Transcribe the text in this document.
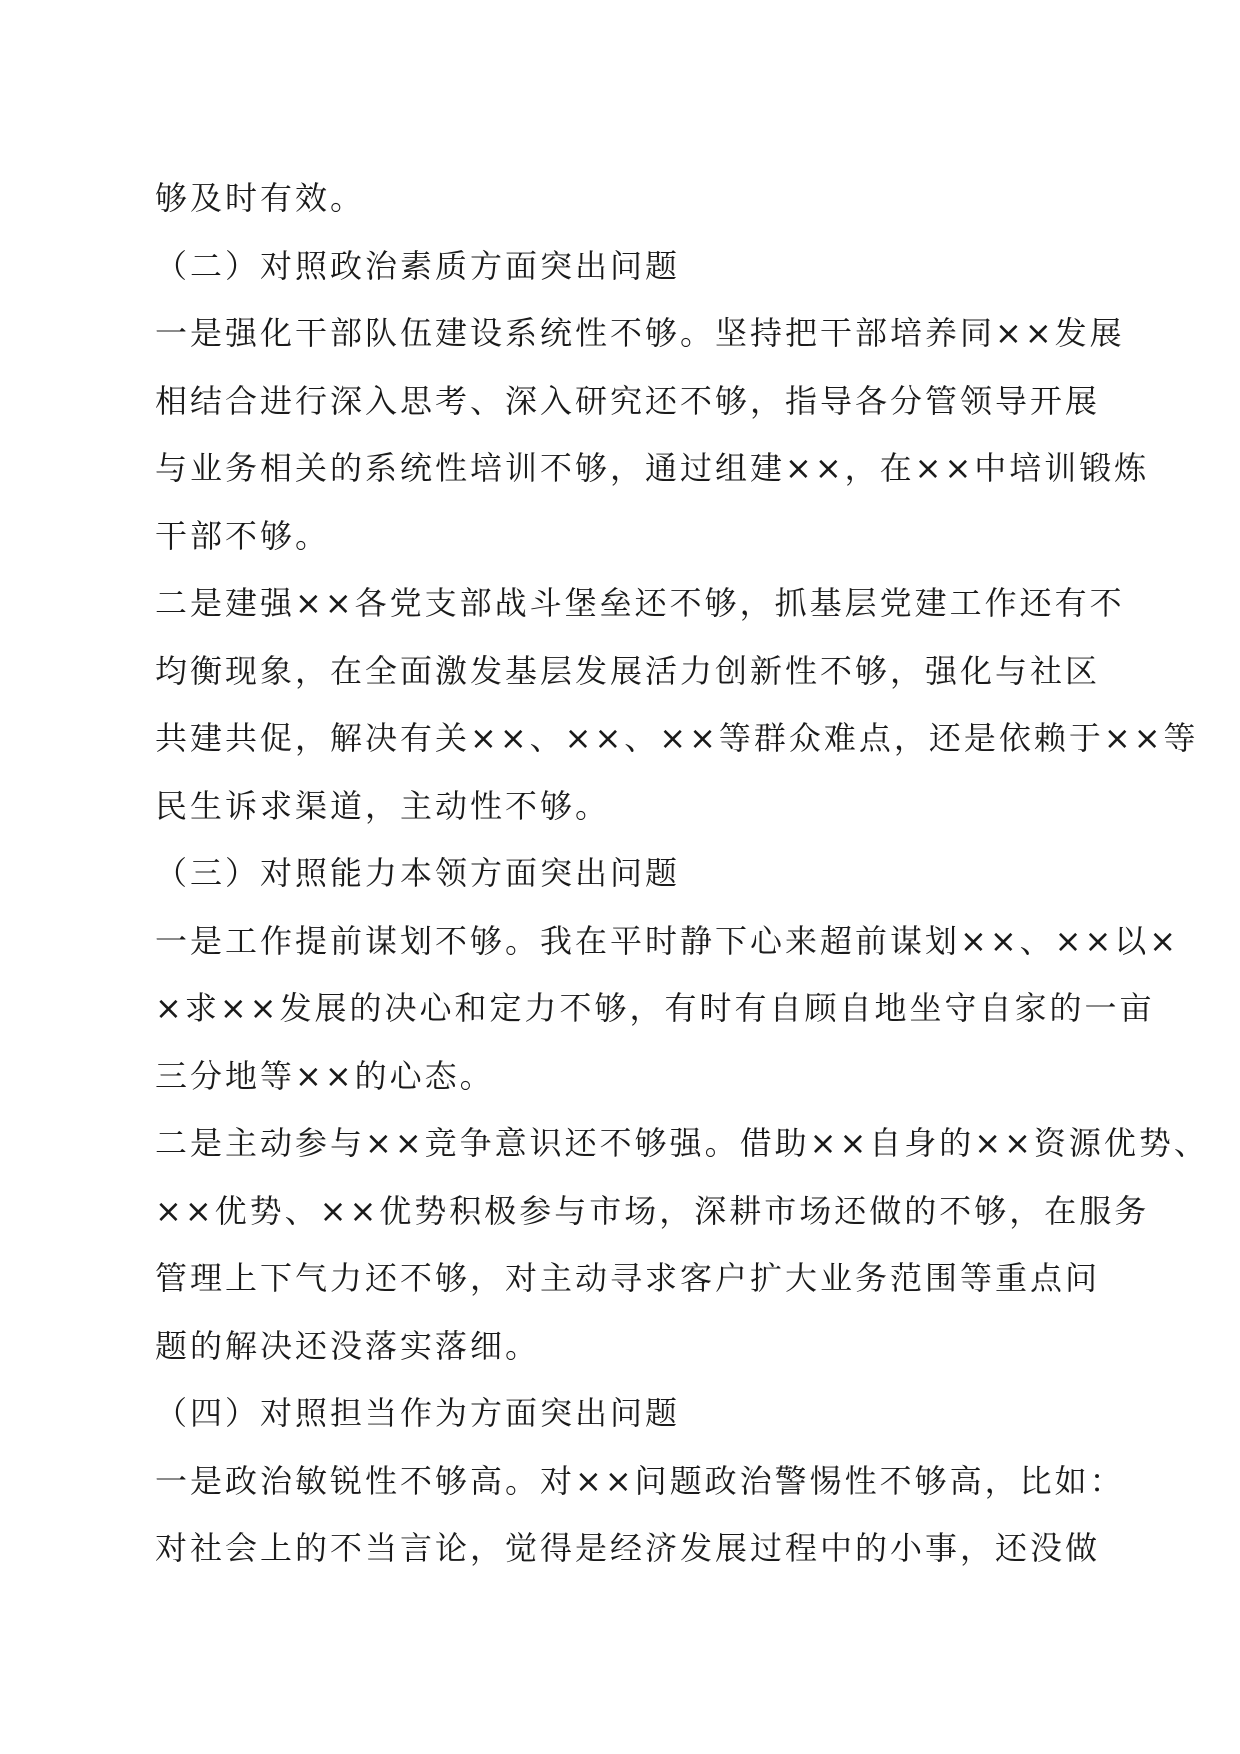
够及时有效。
（二）对照政治素质方面突出问题
一是强化干部队伍建设系统性不够。坚持把干部培养同××发展
相结合进行深入思考、深入研究还不够，指导各分管领导开展
与业务相关的系统性培训不够，通过组建××，在××中培训锻炼
干部不够。
二是建强××各党支部战斗堡垒还不够，抓基层党建工作还有不
均衡现象，在全面激发基层发展活力创新性不够，强化与社区
共建共促，解决有关××、××、××等群众难点，还是依赖于××等
民生诉求渠道，主动性不够。
（三）对照能力本领方面突出问题
一是工作提前谋划不够。我在平时静下心来超前谋划××、××以×
×求××发展的决心和定力不够，有时有自顾自地坐守自家的一亩
三分地等××的心态。
二是主动参与××竞争意识还不够强。借助××自身的××资源优势、
××优势、××优势积极参与市场，深耕市场还做的不够，在服务
管理上下气力还不够，对主动寻求客户扩大业务范围等重点问
题的解决还没落实落细。
（四）对照担当作为方面突出问题
一是政治敏锐性不够高。对××问题政治警惕性不够高，比如：
对社会上的不当言论，觉得是经济发展过程中的小事，还没做
